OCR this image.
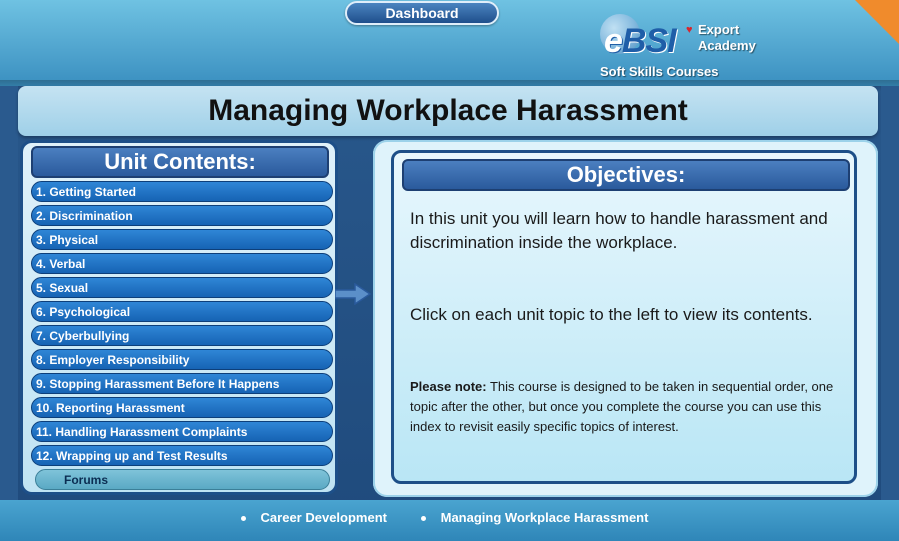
Dashboard
eBSI ♥ Export
Academy
Soft Skills Courses
Managing Workplace Harassment
Unit Contents:
1. Getting Started
2. Discrimination
3. Physical
4. Verbal
5. Sexual
6. Psychological
7. Cyberbullying
8. Employer Responsibility
9. Stopping Harassment Before It Happens
10. Reporting Harassment
11. Handling Harassment Complaints
12. Wrapping up and Test Results
Forums
Objectives:
In this unit you will learn how to handle harassment and discrimination inside the workplace.
Click on each unit topic to the left to view its contents.
Please note: This course is designed to be taken in sequential order, one topic after the other, but once you complete the course you can use this index to revisit easily specific topics of interest.
Career Development	Managing Workplace Harassment
